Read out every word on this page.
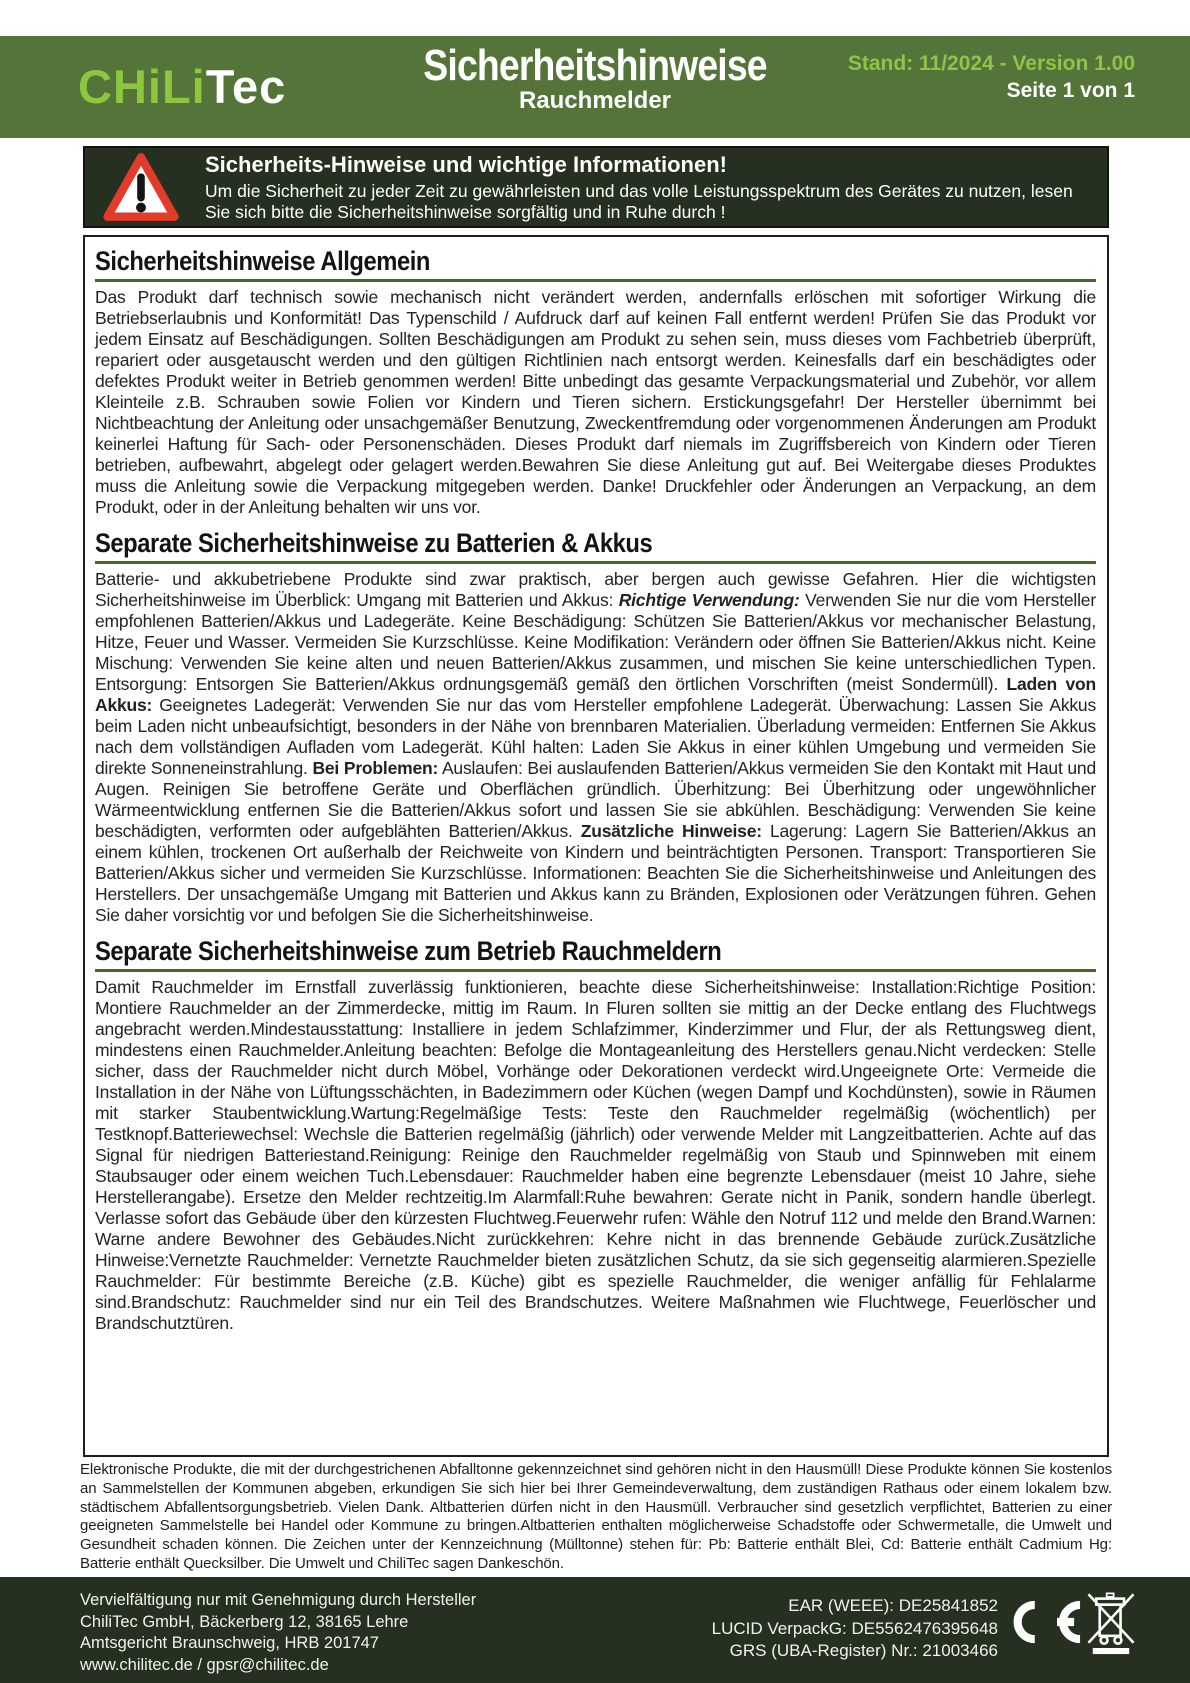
CHiLiTec	Sicherheitshinweise
Rauchmelder
Stand: 11/2024 - Version 1.00
Seite 1 von 1
Sicherheits-Hinweise und wichtige Informationen!
Um die Sicherheit zu jeder Zeit zu gewährleisten und das volle Leistungsspektrum des Gerätes zu nutzen, lesen Sie sich bitte die Sicherheitshinweise sorgfältig und in Ruhe durch !
Sicherheitshinweise Allgemein

Das Produkt darf technisch sowie mechanisch nicht verändert werden, andernfalls erlöschen mit sofortiger Wirkung die Betriebserlaubnis und Konformität! Das Typenschild / Aufdruck darf auf keinen Fall entfernt werden! Prüfen Sie das Produkt vor jedem Einsatz auf Beschädigungen. Sollten Beschädigungen am Produkt zu sehen sein, muss dieses vom Fachbetrieb überprüft, repariert oder ausgetauscht werden und den gültigen Richtlinien nach entsorgt werden. Keinesfalls darf ein beschädigtes oder defektes Produkt weiter in Betrieb genommen werden! Bitte unbedingt das gesamte Verpackungsmaterial und Zubehör, vor allem Kleinteile z.B. Schrauben sowie Folien vor Kindern und Tieren sichern. Erstickungsgefahr! Der Hersteller übernimmt bei Nichtbeachtung der Anleitung oder unsachgemäßer Benutzung, Zweckentfremdung oder vorgenommenen Änderungen am Produkt keinerlei Haftung für Sach- oder Personenschäden. Dieses Produkt darf niemals im Zugriffsbereich von Kindern oder Tieren betrieben, aufbewahrt, abgelegt oder gelagert werden.Bewahren Sie diese Anleitung gut auf. Bei Weitergabe dieses Produktes muss die Anleitung sowie die Verpackung mitgegeben werden. Danke! Druckfehler oder Änderungen an Verpackung, an dem Produkt, oder in der Anleitung behalten wir uns vor.

Separate Sicherheitshinweise zu Batterien & Akkus

Batterie- und akkubetriebene Produkte sind zwar praktisch, aber bergen auch gewisse Gefahren. Hier die wichtigsten Sicherheitshinweise im Überblick: Umgang mit Batterien und Akkus: Richtige Verwendung: Verwenden Sie nur die vom Hersteller empfohlenen Batterien/Akkus und Ladegeräte. Keine Beschädigung: Schützen Sie Batterien/Akkus vor mechanischer Belastung, Hitze, Feuer und Wasser. Vermeiden Sie Kurzschlüsse. Keine Modifikation: Verändern oder öffnen Sie Batterien/Akkus nicht. Keine Mischung: Verwenden Sie keine alten und neuen Batterien/Akkus zusammen, und mischen Sie keine unterschiedlichen Typen. Entsorgung: Entsorgen Sie Batterien/Akkus ordnungsgemäß gemäß den örtlichen Vorschriften (meist Sondermüll). Laden von Akkus: Geeignetes Ladegerät: Verwenden Sie nur das vom Hersteller empfohlene Ladegerät. Überwachung: Lassen Sie Akkus beim Laden nicht unbeaufsichtigt, besonders in der Nähe von brennbaren Materialien. Überladung vermeiden: Entfernen Sie Akkus nach dem vollständigen Aufladen vom Ladegerät. Kühl halten: Laden Sie Akkus in einer kühlen Umgebung und vermeiden Sie direkte Sonneneinstrahlung. Bei Problemen: Auslaufen: Bei auslaufenden Batterien/Akkus vermeiden Sie den Kontakt mit Haut und Augen. Reinigen Sie betroffene Geräte und Oberflächen gründlich. Überhitzung: Bei Überhitzung oder ungewöhnlicher Wärmeentwicklung entfernen Sie die Batterien/Akkus sofort und lassen Sie sie abkühlen. Beschädigung: Verwenden Sie keine beschädigten, verformten oder aufgeblähten Batterien/Akkus. Zusätzliche Hinweise: Lagerung: Lagern Sie Batterien/Akkus an einem kühlen, trockenen Ort außerhalb der Reichweite von Kindern und beinträchtigten Personen. Transport: Transportieren Sie Batterien/Akkus sicher und vermeiden Sie Kurzschlüsse. Informationen: Beachten Sie die Sicherheitshinweise und Anleitungen des Herstellers. Der unsachgemäße Umgang mit Batterien und Akkus kann zu Bränden, Explosionen oder Verätzungen führen. Gehen Sie daher vorsichtig vor und befolgen Sie die Sicherheitshinweise.

Separate Sicherheitshinweise zum Betrieb Rauchmeldern

Damit Rauchmelder im Ernstfall zuverlässig funktionieren, beachte diese Sicherheitshinweise: Installation:Richtige Position: Montiere Rauchmelder an der Zimmerdecke, mittig im Raum. In Fluren sollten sie mittig an der Decke entlang des Fluchtwegs angebracht werden.Mindestausstattung: Installiere in jedem Schlafzimmer, Kinderzimmer und Flur, der als Rettungsweg dient, mindestens einen Rauchmelder.Anleitung beachten: Befolge die Montageanleitung des Herstellers genau.Nicht verdecken: Stelle sicher, dass der Rauchmelder nicht durch Möbel, Vorhänge oder Dekorationen verdeckt wird.Ungeeignete Orte: Vermeide die Installation in der Nähe von Lüftungsschächten, in Badezimmern oder Küchen (wegen Dampf und Kochdünsten), sowie in Räumen mit starker Staubentwicklung.Wartung:Regelmäßige Tests: Teste den Rauchmelder regelmäßig (wöchentlich) per Testknopf.Batteriewechsel: Wechsle die Batterien regelmäßig (jährlich) oder verwende Melder mit Langzeitbatterien. Achte auf das Signal für niedrigen Batteriestand.Reinigung: Reinige den Rauchmelder regelmäßig von Staub und Spinnweben mit einem Staubsauger oder einem weichen Tuch.Lebensdauer: Rauchmelder haben eine begrenzte Lebensdauer (meist 10 Jahre, siehe Herstellerangabe). Ersetze den Melder rechtzeitig.Im Alarmfall:Ruhe bewahren: Gerate nicht in Panik, sondern handle überlegt. Verlasse sofort das Gebäude über den kürzesten Fluchtweg.Feuerwehr rufen: Wähle den Notruf 112 und melde den Brand.Warnen: Warne andere Bewohner des Gebäudes.Nicht zurückkehren: Kehre nicht in das brennende Gebäude zurück.Zusätzliche Hinweise:Vernetzte Rauchmelder: Vernetzte Rauchmelder bieten zusätzlichen Schutz, da sie sich gegenseitig alarmieren.Spezielle Rauchmelder: Für bestimmte Bereiche (z.B. Küche) gibt es spezielle Rauchmelder, die weniger anfällig für Fehlalarme sind.Brandschutz: Rauchmelder sind nur ein Teil des Brandschutzes. Weitere Maßnahmen wie Fluchtwege, Feuerlöscher und Brandschutztüren.

Elektronische Produkte, die mit der durchgestrichenen Abfalltonne gekennzeichnet sind gehören nicht in den Hausmüll! Diese Produkte können Sie kostenlos an Sammelstellen der Kommunen abgeben, erkundigen Sie sich hier bei Ihrer Gemeindeverwaltung, dem zuständigen Rathaus oder einem lokalem bzw. städtischem Abfallentsorgungsbetrieb. Vielen Dank. Altbatterien dürfen nicht in den Hausmüll. Verbraucher sind gesetzlich verpflichtet, Batterien zu einer geeigneten Sammelstelle bei Handel oder Kommune zu bringen.Altbatterien enthalten möglicherweise Schadstoffe oder Schwermetalle, die Umwelt und Gesundheit schaden können. Die Zeichen unter der Kennzeichnung (Mülltonne) stehen für: Pb: Batterie enthält Blei, Cd: Batterie enthält Cadmium Hg: Batterie enthält Quecksilber. Die Umwelt und ChiliTec sagen Dankeschön.
Vervielfältigung nur mit Genehmigung durch Hersteller
ChiliTec GmbH, Bäckerberg 12, 38165 Lehre
Amtsgericht Braunschweig, HRB 201747
www.chilitec.de / gpsr@chilitec.de
EAR (WEEE): DE25841852
LUCID VerpackG: DE5562476395648
GRS (UBA-Register) Nr.: 21003466
